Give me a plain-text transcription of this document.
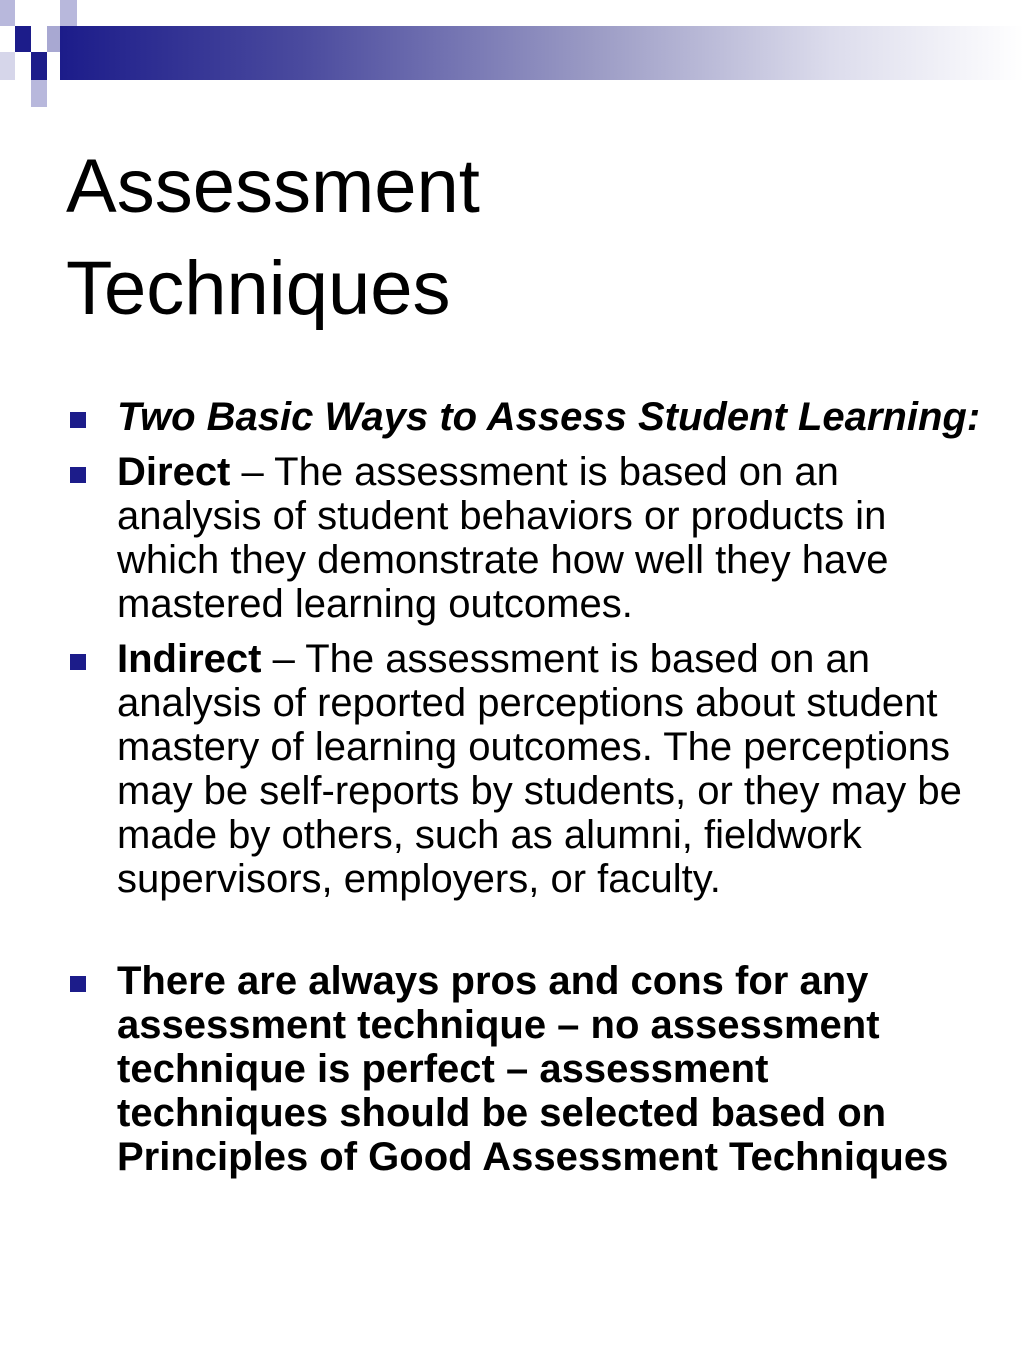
Assessment
Techniques
Two Basic Ways to Assess Student Learning:
Direct – The assessment is based on an analysis of student behaviors or products in which they demonstrate how well they have mastered learning outcomes.
Indirect – The assessment is based on an analysis of reported perceptions about student mastery of learning outcomes. The perceptions may be self-reports by students, or they may be made by others, such as alumni, fieldwork supervisors, employers, or faculty.
There are always pros and cons for any assessment technique – no assessment technique is perfect – assessment techniques should be selected based on Principles of Good Assessment Techniques
